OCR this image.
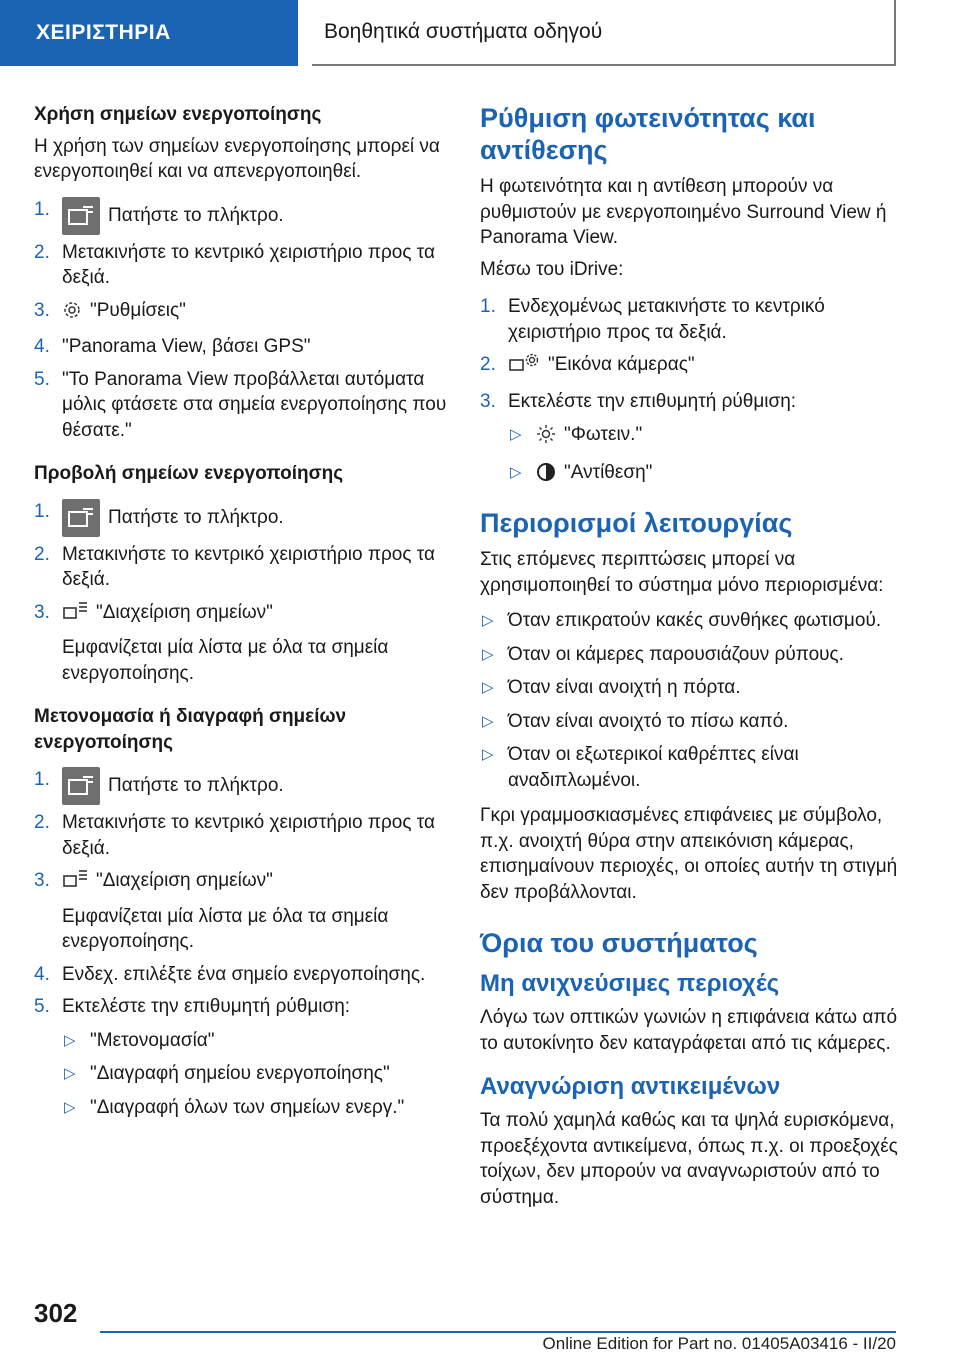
ΧΕΙΡΙΣΤΗΡΙΑ	Βοηθητικά συστήματα οδηγού
Χρήση σημείων ενεργοποίησης

Η χρήση των σημείων ενεργοποίησης μπορεί να ενεργοποιηθεί και να απενεργοποιηθεί.

1.	Πατήστε το πλήκτρο.
2. Μετακινήστε το κεντρικό χειριστήριο προς τα δεξιά.
3. "Ρυθμίσεις"
4. "Panorama View, βάσει GPS"
5. "Το Panorama View προβάλλεται αυτόματα μόλις φτάσετε στα σημεία ενεργοποίησης που θέσατε."
Προβολή σημείων ενεργοποίησης
1.	Πατήστε το πλήκτρο.
2. Μετακινήστε το κεντρικό χειριστήριο προς τα δεξιά.
3. "Διαχείριση σημείων"
Εμφανίζεται μία λίστα με όλα τα σημεία ενεργοποίησης.
Μετονομασία ή διαγραφή σημείων ενεργοποίησης
1.	Πατήστε το πλήκτρο.
2. Μετακινήστε το κεντρικό χειριστήριο προς τα δεξιά.
3. "Διαχείριση σημείων"
Εμφανίζεται μία λίστα με όλα τα σημεία ενεργοποίησης.
4. Ενδεχ. επιλέξτε ένα σημείο ενεργοποίησης.
5. Εκτελέστε την επιθυμητή ρύθμιση:
▷ "Μετονομασία"
▷ "Διαγραφή σημείου ενεργοποίησης"
▷ "Διαγραφή όλων των σημείων ενεργ."
Ρύθμιση φωτεινότητας και αντίθεσης

Η φωτεινότητα και η αντίθεση μπορούν να ρυθμιστούν με ενεργοποιημένο Surround View ή Panorama View.

Μέσω του iDrive:

1. Ενδεχομένως μετακινήστε το κεντρικό χειριστήριο προς τα δεξιά.
2.	"Εικόνα κάμερας"
3. Εκτελέστε την επιθυμητή ρύθμιση:
▷ "Φωτειν."
▷ "Αντίθεση"
Περιορισμοί λειτουργίας

Στις επόμενες περιπτώσεις μπορεί να χρησιμοποιηθεί το σύστημα μόνο περιορισμένα:

▷ Όταν επικρατούν κακές συνθήκες φωτισμού.
▷ Όταν οι κάμερες παρουσιάζουν ρύπους.
▷ Όταν είναι ανοιχτή η πόρτα.
▷ Όταν είναι ανοιχτό το πίσω καπό.
▷ Όταν οι εξωτερικοί καθρέπτες είναι αναδιπλωμένοι.

Γκρι γραμμοσκιασμένες επιφάνειες με σύμβολο, π.χ. ανοιχτή θύρα στην απεικόνιση κάμερας, επισημαίνουν περιοχές, οι οποίες αυτήν τη στιγμή δεν προβάλλονται.

Όρια του συστήματος
Μη ανιχνεύσιμες περιοχές

Λόγω των οπτικών γωνιών η επιφάνεια κάτω από το αυτοκίνητο δεν καταγράφεται από τις κάμερες.

Αναγνώριση αντικειμένων

Τα πολύ χαμηλά καθώς και τα ψηλά ευρισκόμενα, προεξέχοντα αντικείμενα, όπως π.χ. οι προεξοχές τοίχων, δεν μπορούν να αναγνωριστούν από το σύστημα.

302
Online Edition for Part no. 01405A03416 - II/20
